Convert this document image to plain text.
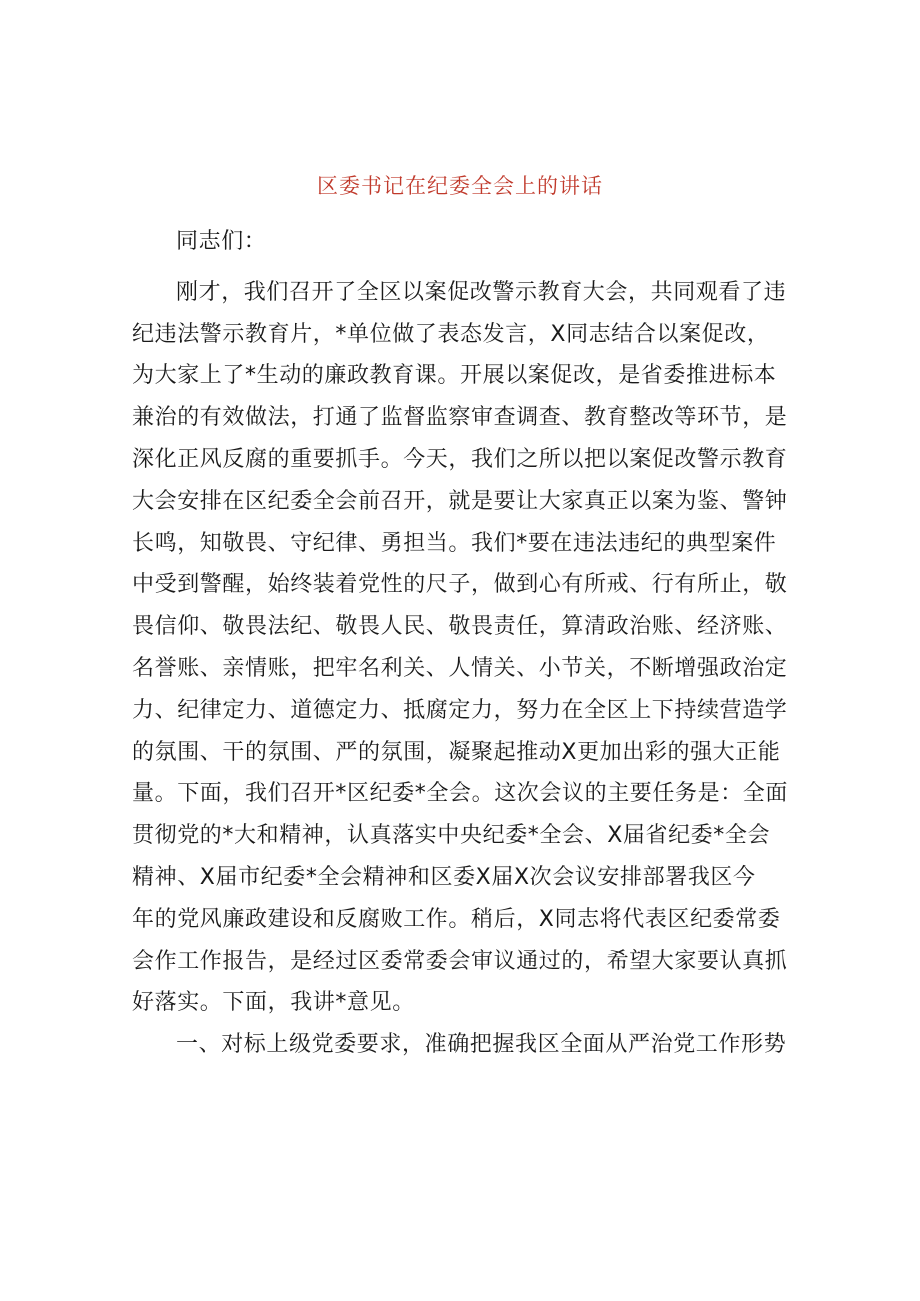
区委书记在纪委全会上的讲话
同志们：
刚才，我们召开了全区以案促改警示教育大会，共同观看了违
纪违法警示教育片，*单位做了表态发言，X同志结合以案促改，
为大家上了*生动的廉政教育课。开展以案促改，是省委推进标本
兼治的有效做法，打通了监督监察审查调查、教育整改等环节，是
深化正风反腐的重要抓手。今天，我们之所以把以案促改警示教育
大会安排在区纪委全会前召开，就是要让大家真正以案为鉴、警钟
长鸣，知敬畏、守纪律、勇担当。我们*要在违法违纪的典型案件
中受到警醒，始终装着党性的尺子，做到心有所戒、行有所止，敬
畏信仰、敬畏法纪、敬畏人民、敬畏责任，算清政治账、经济账、
名誉账、亲情账，把牢名利关、人情关、小节关，不断增强政治定
力、纪律定力、道德定力、抵腐定力，努力在全区上下持续营造学
的氛围、干的氛围、严的氛围，凝聚起推动X更加出彩的强大正能
量。下面，我们召开*区纪委*全会。这次会议的主要任务是：全面
贯彻党的*大和精神，认真落实中央纪委*全会、X届省纪委*全会
精神、X届市纪委*全会精神和区委X届X次会议安排部署我区今
年的党风廉政建设和反腐败工作。稍后，X同志将代表区纪委常委
会作工作报告，是经过区委常委会审议通过的，希望大家要认真抓
好落实。下面，我讲*意见。
一、对标上级党委要求，准确把握我区全面从严治党工作形势
